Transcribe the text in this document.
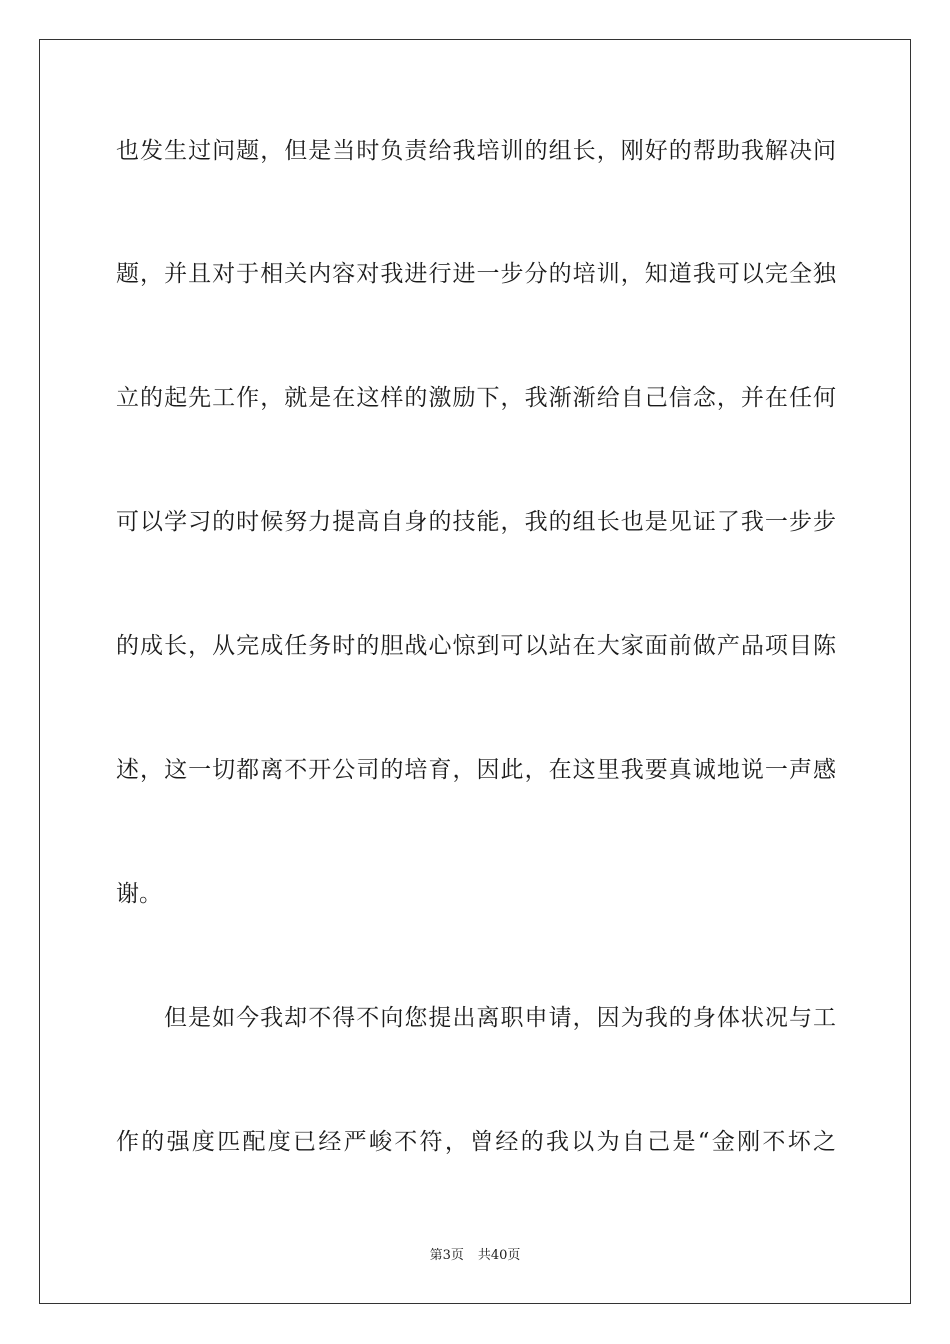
也发生过问题，但是当时负责给我培训的组长，刚好的帮助我解决问
题，并且对于相关内容对我进行进一步分的培训，知道我可以完全独
立的起先工作，就是在这样的激励下，我渐渐给自己信念，并在任何
可以学习的时候努力提高自身的技能，我的组长也是见证了我一步步
的成长，从完成任务时的胆战心惊到可以站在大家面前做产品项目陈
述，这一切都离不开公司的培育，因此，在这里我要真诚地说一声感
谢。
但是如今我却不得不向您提出离职申请，因为我的身体状况与工
作的强度匹配度已经严峻不符，曾经的我以为自己是“金刚不坏之
第3页 共40页
